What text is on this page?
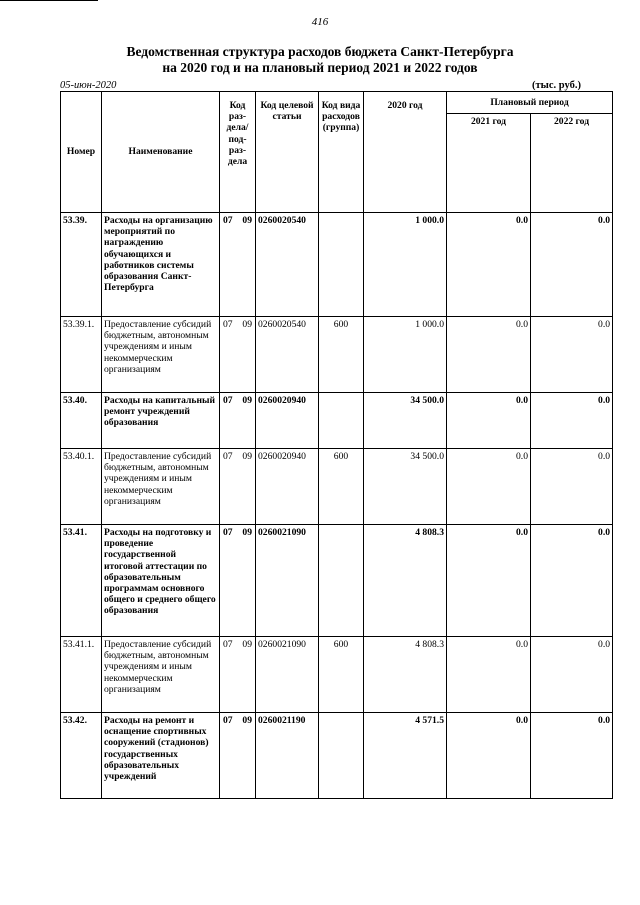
416
Ведомственная структура расходов бюджета Санкт-Петербурга
на 2020 год и на плановый период 2021 и 2022 годов
05-июн-2020	(тыс. руб.)
Номер	Наименование	Код раз- дела/ под- раз- дела	Код целевой статьи	Код вида расходов (группа)	2020 год	Плановый период	
						2021 год	2022 год
53.39.	Расходы на организацию мероприятий по награждению обучающихся и работников системы образования Санкт-Петербурга	07 09	0260020540		1 000.0	0.0	0.0
53.39.1.	Предоставление субсидий бюджетным, автономным учреждениям и иным некоммерческим организациям	07 09	0260020540	600	1 000.0	0.0	0.0
53.40.	Расходы на капитальный ремонт учреждений образования	07 09	0260020940		34 500.0	0.0	0.0
53.40.1.	Предоставление субсидий бюджетным, автономным учреждениям и иным некоммерческим организациям	07 09	0260020940	600	34 500.0	0.0	0.0
53.41.	Расходы на подготовку и проведение государственной итоговой аттестации по образовательным программам основного общего и среднего общего образования	07 09	0260021090		4 808.3	0.0	0.0
53.41.1.	Предоставление субсидий бюджетным, автономным учреждениям и иным некоммерческим организациям	07 09	0260021090	600	4 808.3	0.0	0.0
53.42.	Расходы на ремонт и оснащение спортивных сооружений (стадионов) государственных образовательных учреждений	07 09	0260021190		4 571.5	0.0	0.0
